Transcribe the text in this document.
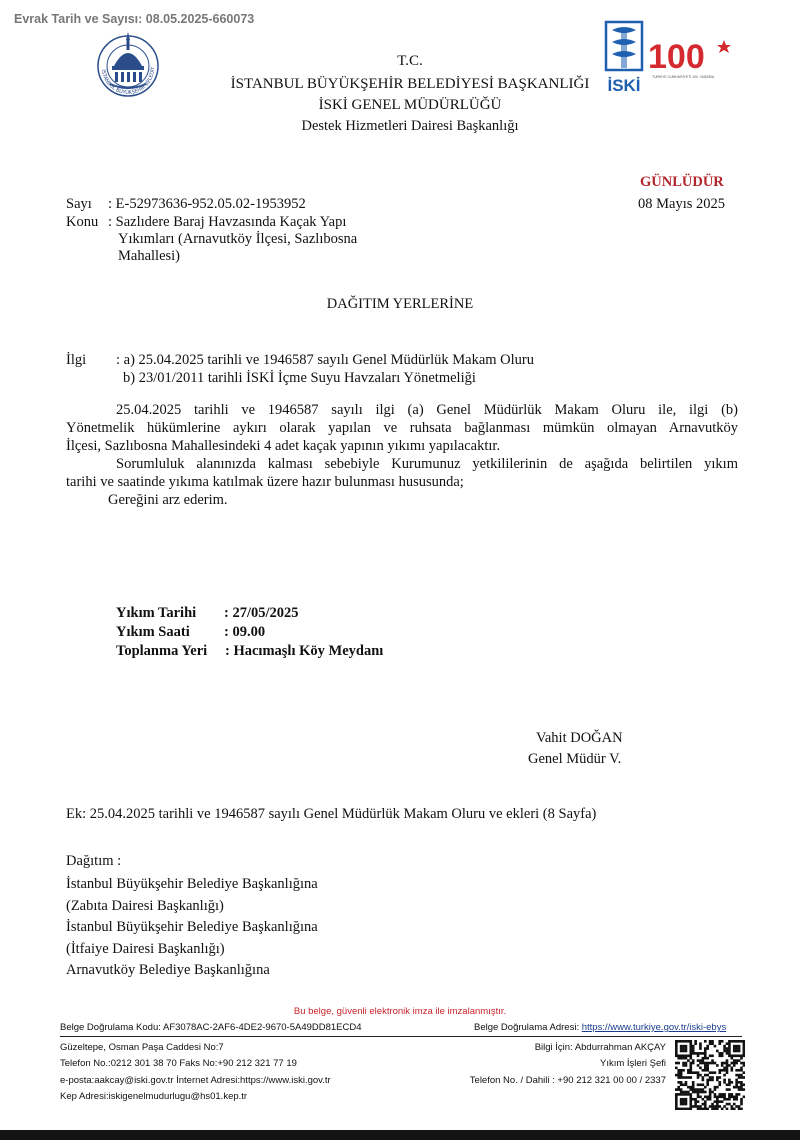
Evrak Tarih ve Sayısı: 08.05.2025-660073
İSTANBUL BÜYÜKŞEHİR BELEDİY
İSKİ
100
TÜRKİYE CUMHURİYETİ 100. YAŞINDA
T.C.
İSTANBUL BÜYÜKŞEHİR BELEDİYESİ BAŞKANLIĞI
İSKİ GENEL MÜDÜRLÜĞÜ
Destek Hizmetleri Dairesi Başkanlığı
GÜNLÜDÜR
08 Mayıs 2025
Sayı : E-52973636-952.05.02-1953952
Konu : Sazlıdere Baraj Havzasında Kaçak Yapı
Yıkımları (Arnavutköy İlçesi, Sazlıbosna
Mahallesi)
DAĞITIM YERLERİNE
İlgi : a) 25.04.2025 tarihli ve 1946587 sayılı Genel Müdürlük Makam Oluru
b) 23/01/2011 tarihli İSKİ İçme Suyu Havzaları Yönetmeliği
25.04.2025 tarihli ve 1946587 sayılı ilgi (a) Genel Müdürlük Makam Oluru ile, ilgi (b)
Yönetmelik hükümlerine aykırı olarak yapılan ve ruhsata bağlanması mümkün olmayan Arnavutköy
İlçesi, Sazlıbosna Mahallesindeki 4 adet kaçak yapının yıkımı yapılacaktır.
Sorumluluk alanınızda kalması sebebiyle Kurumunuz yetkililerinin de aşağıda belirtilen yıkım
tarihi ve saatinde yıkıma katılmak üzere hazır bulunması hususunda;
Gereğini arz ederim.
Yıkım Tarihi : 27/05/2025
Yıkım Saati : 09.00
Toplanma Yeri : Hacımaşlı Köy Meydanı
Vahit DOĞAN
Genel Müdür V.
Ek: 25.04.2025 tarihli ve 1946587 sayılı Genel Müdürlük Makam Oluru ve ekleri (8 Sayfa)
Dağıtım :
İstanbul Büyükşehir Belediye Başkanlığına
(Zabıta Dairesi Başkanlığı)
İstanbul Büyükşehir Belediye Başkanlığına
(İtfaiye Dairesi Başkanlığı)
Arnavutköy Belediye Başkanlığına
Bu belge, güvenli elektronik imza ile imzalanmıştır.
Belge Doğrulama Kodu: AF3078AC-2AF6-4DE2-9670-5A49DD81ECD4	Belge Doğrulama Adresi: https://www.turkiye.gov.tr/iski-ebys
Güzeltepe, Osman Paşa Caddesi No:7
Telefon No.:0212 301 38 70 Faks No:+90 212 321 77 19
e-posta:aakcay@iski.gov.tr İnternet Adresi:https://www.iski.gov.tr
Kep Adresi:iskigenelmudurlugu@hs01.kep.tr
Bilgi İçin: Abdurrahman AKÇAY
Yıkım İşleri Şefi
Telefon No. / Dahili : +90 212 321 00 00 / 2337
